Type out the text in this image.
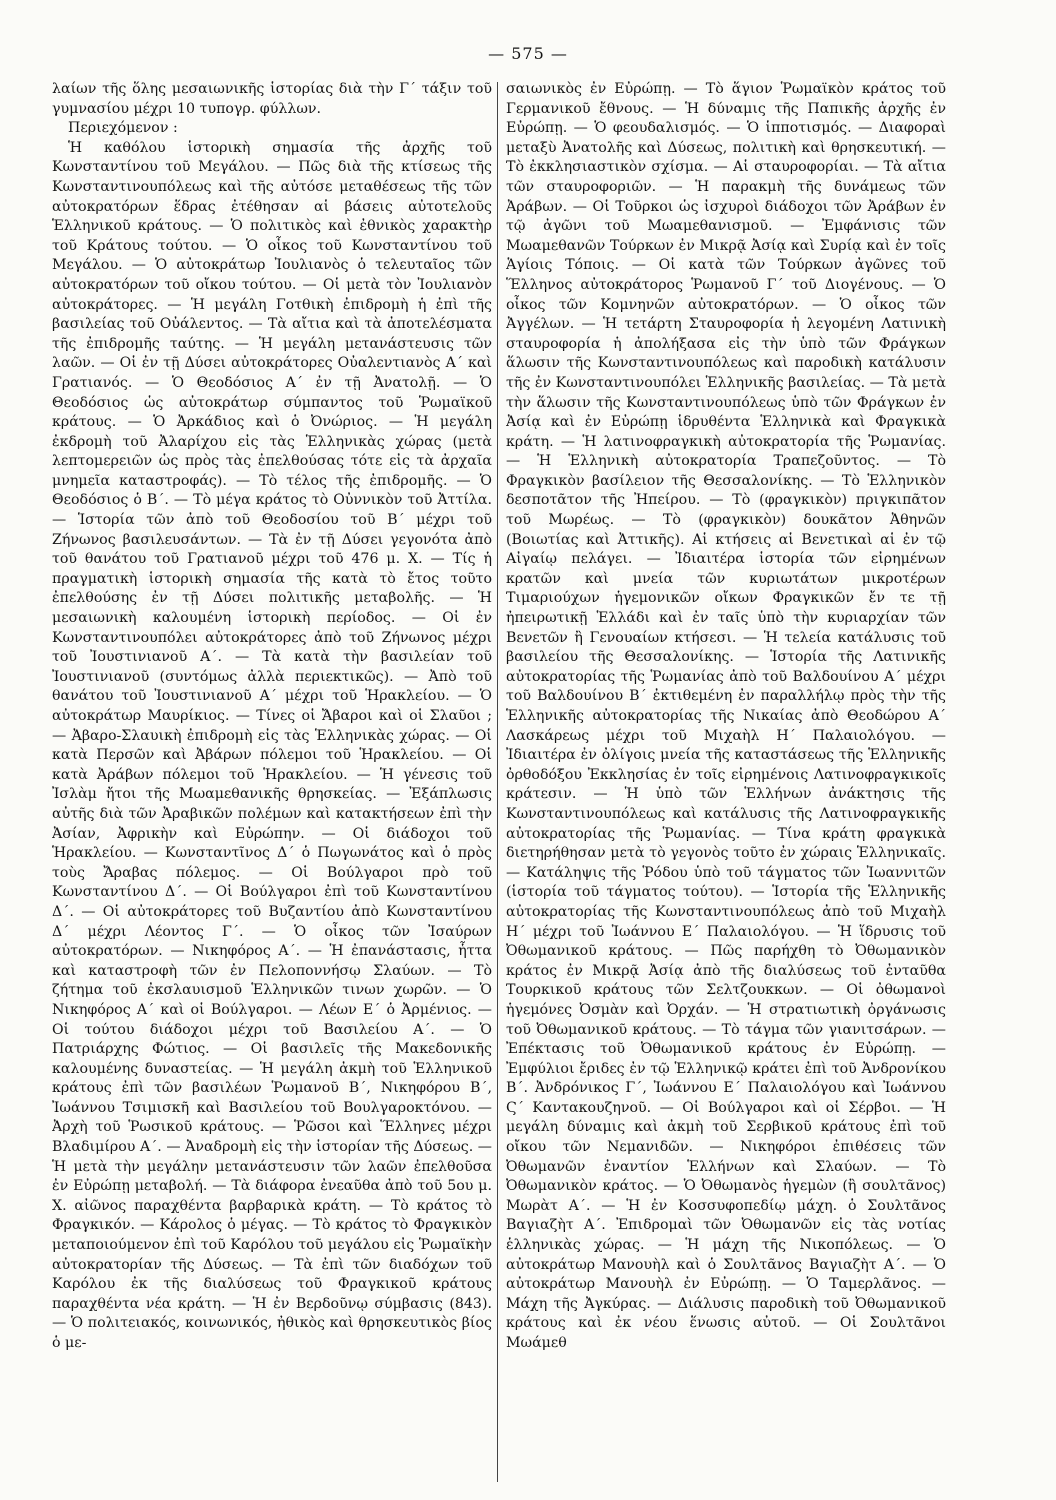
— 575 —

λαίων τῆς ὅλης μεσαιωνικῆς ἱστορίας διὰ τὴν Γ΄ τάξιν τοῦ γυμνασίου μέχρι 10 τυπογρ. φύλλων.

Περιεχόμενον :

Ἡ καθόλου ἱστορικὴ σημασία τῆς ἀρχῆς τοῦ Κωνσταντίνου τοῦ Μεγάλου. — Πῶς διὰ τῆς κτίσεως τῆς Κωνσταντινουπόλεως καὶ τῆς αὐτόσε μεταθέσεως τῆς τῶν αὐτοκρατόρων ἕδρας ἐτέθησαν αἱ βάσεις αὐτοτελοῦς Ἑλληνικοῦ κράτους. — Ὁ πολιτικὸς καὶ ἐθνικὸς χαρακτὴρ τοῦ Κράτους τούτου. — Ὁ οἶκος τοῦ Κωνσταντίνου τοῦ Μεγάλου. — Ὁ αὐτοκράτωρ Ἰουλιανὸς ὁ τελευταῖος τῶν αὐτοκρατόρων τοῦ οἴκου τούτου. — Οἱ μετὰ τὸν Ἰουλιανὸν αὐτοκράτορες. — Ἡ μεγάλη Γοτθικὴ ἐπιδρομὴ ἡ ἐπὶ τῆς βασιλείας τοῦ Οὐάλεντος. — Τὰ αἴτια καὶ τὰ ἀποτελέσματα τῆς ἐπιδρομῆς ταύτης. — Ἡ μεγάλη μετανάστευσις τῶν λαῶν. — Οἱ ἐν τῇ Δύσει αὐτοκράτορες Οὐαλεντιανὸς Α΄ καὶ Γρατιανός. — Ὁ Θεοδόσιος Α΄ ἐν τῇ Ἀνατολῇ. — Ὁ Θεοδόσιος ὡς αὐτοκράτωρ σύμπαντος τοῦ Ῥωμαϊκοῦ κράτους. — Ὁ Ἀρκάδιος καὶ ὁ Ὀνώριος. — Ἡ μεγάλη ἐκδρομὴ τοῦ Ἀλαρίχου εἰς τὰς Ἑλληνικὰς χώρας (μετὰ λεπτομερειῶν ὡς πρὸς τὰς ἐπελθούσας τότε εἰς τὰ ἀρχαῖα μνημεῖα καταστροφάς). — Τὸ τέλος τῆς ἐπιδρομῆς. — Ὁ Θεοδόσιος ὁ Β΄. — Τὸ μέγα κράτος τὸ Οὐννικὸν τοῦ Ἀττίλα. — Ἱστορία τῶν ἀπὸ τοῦ Θεοδοσίου τοῦ Β΄ μέχρι τοῦ Ζήνωνος βασιλευσάντων. — Τὰ ἐν τῇ Δύσει γεγονότα ἀπὸ τοῦ θανάτου τοῦ Γρατιανοῦ μέχρι τοῦ 476 μ. Χ. — Τίς ἡ πραγματικὴ ἱστορικὴ σημασία τῆς κατὰ τὸ ἔτος τοῦτο ἐπελθούσης ἐν τῇ Δύσει πολιτικῆς μεταβολῆς. — Ἡ μεσαιωνικὴ καλουμένη ἱστορικὴ περίοδος. — Οἱ ἐν Κωνσταντινουπόλει αὐτοκράτορες ἀπὸ τοῦ Ζήνωνος μέχρι τοῦ Ἰουστινιανοῦ Α΄. — Τὰ κατὰ τὴν βασιλείαν τοῦ Ἰουστινιανοῦ (συντόμως ἀλλὰ περιεκτικῶς). — Ἀπὸ τοῦ θανάτου τοῦ Ἰουστινιανοῦ Α΄ μέχρι τοῦ Ἡρακλείου. — Ὁ αὐτοκράτωρ Μαυρίκιος. — Τίνες οἱ Ἄβαροι καὶ οἱ Σλαῦοι ; — Ἀβαρο-Σλαυικὴ ἐπιδρομὴ εἰς τὰς Ἑλληνικὰς χώρας. — Οἱ κατὰ Περσῶν καὶ Ἀβάρων πόλεμοι τοῦ Ἡρακλείου. — Οἱ κατὰ Ἀράβων πόλεμοι τοῦ Ἡρακλείου. — Ἡ γένεσις τοῦ Ἰσλὰμ ἤτοι τῆς Μωαμεθανικῆς θρησκείας. — Ἐξάπλωσις αὐτῆς διὰ τῶν Ἀραβικῶν πολέμων καὶ κατακτήσεων ἐπὶ τὴν Ἀσίαν, Ἀφρικὴν καὶ Εὐρώπην. — Οἱ διάδοχοι τοῦ Ἡρακλείου. — Κωνσταντῖνος Δ΄ ὁ Πωγωνάτος καὶ ὁ πρὸς τοὺς Ἄραβας πόλεμος. — Οἱ Βούλγαροι πρὸ τοῦ Κωνσταντίνου Δ΄. — Οἱ Βούλγαροι ἐπὶ τοῦ Κωνσταντίνου Δ΄. — Οἱ αὐτοκράτορες τοῦ Βυζαντίου ἀπὸ Κωνσταντίνου Δ΄ μέχρι Λέοντος Γ΄. — Ὁ οἶκος τῶν Ἰσαύρων αὐτοκρατόρων. — Νικηφόρος Α΄. — Ἡ ἐπανάστασις, ἧττα καὶ καταστροφὴ τῶν ἐν Πελοποννήσῳ Σλαύων. — Τὸ ζήτημα τοῦ ἐκσλαυισμοῦ Ἑλληνικῶν τινων χωρῶν. — Ὁ Νικηφόρος Α΄ καὶ οἱ Βούλγαροι. — Λέων Ε΄ ὁ Ἀρμένιος. — Οἱ τούτου διάδοχοι μέχρι τοῦ Βασιλείου Α΄. — Ὁ Πατριάρχης Φώτιος. — Οἱ βασιλεῖς τῆς Μακεδονικῆς καλουμένης δυναστείας. — Ἡ μεγάλη ἀκμὴ τοῦ Ἑλληνικοῦ κράτους ἐπὶ τῶν βασιλέων Ῥωμανοῦ Β΄, Νικηφόρου Β΄, Ἰωάννου Τσιμισκῆ καὶ Βασιλείου τοῦ Βουλγαροκτόνου. — Ἀρχὴ τοῦ Ῥωσικοῦ κράτους. — Ῥῶσοι καὶ Ἕλληνες μέχρι Βλαδιμίρου Α΄. — Ἀναδρομὴ εἰς τὴν ἱστορίαν τῆς Δύσεως. — Ἡ μετὰ τὴν μεγάλην μετανάστευσιν τῶν λαῶν ἐπελθοῦσα ἐν Εὐρώπῃ μεταβολή. — Τὰ διάφορα ἐνεαῦθα ἀπὸ τοῦ 5ου μ. Χ. αἰῶνος παραχθέντα βαρβαρικὰ κράτη. — Τὸ κράτος τὸ Φραγκικόν. — Κάρολος ὁ μέγας. — Τὸ κράτος τὸ Φραγκικὸν μεταποιούμενον ἐπὶ τοῦ Καρόλου τοῦ μεγάλου εἰς Ῥωμαϊκὴν αὐτοκρατορίαν τῆς Δύσεως. — Τὰ ἐπὶ τῶν διαδόχων τοῦ Καρόλου ἐκ τῆς διαλύσεως τοῦ Φραγκικοῦ κράτους παραχθέντα νέα κράτη. — Ἡ ἐν Βερδοῦνῳ σύμβασις (843). — Ὁ πολιτειακός, κοινωνικός, ἠθικὸς καὶ θρησκευτικὸς βίος ὁ με-

σαιωνικὸς ἐν Εὐρώπῃ. — Τὸ ἅγιον Ῥωμαϊκὸν κράτος τοῦ Γερμανικοῦ ἔθνους. — Ἡ δύναμις τῆς Παπικῆς ἀρχῆς ἐν Εὐρώπῃ. — Ὁ φεουδαλισμός. — Ὁ ἱπποτισμός. — Διαφοραὶ μεταξὺ Ἀνατολῆς καὶ Δύσεως, πολιτικὴ καὶ θρησκευτική. — Τὸ ἐκκλησιαστικὸν σχίσμα. — Αἱ σταυροφορίαι. — Τὰ αἴτια τῶν σταυροφοριῶν. — Ἡ παρακμὴ τῆς δυνάμεως τῶν Ἀράβων. — Οἱ Τοῦρκοι ὡς ἰσχυροὶ διάδοχοι τῶν Ἀράβων ἐν τῷ ἀγῶνι τοῦ Μωαμεθανισμοῦ. — Ἐμφάνισις τῶν Μωαμεθανῶν Τούρκων ἐν Μικρᾷ Ἀσίᾳ καὶ Συρίᾳ καὶ ἐν τοῖς Ἁγίοις Τόποις. — Οἱ κατὰ τῶν Τούρκων ἀγῶνες τοῦ Ἕλληνος αὐτοκράτορος Ῥωμανοῦ Γ΄ τοῦ Διογένους. — Ὁ οἶκος τῶν Κομνηνῶν αὐτοκρατόρων. — Ὁ οἶκος τῶν Ἀγγέλων. — Ἡ τετάρτη Σταυροφορία ἡ λεγομένη Λατινικὴ σταυροφορία ἡ ἀπολήξασα εἰς τὴν ὑπὸ τῶν Φράγκων ἅλωσιν τῆς Κωνσταντινουπόλεως καὶ παροδικὴ κατάλυσιν τῆς ἐν Κωνσταντινουπόλει Ἑλληνικῆς βασιλείας. — Τὰ μετὰ τὴν ἅλωσιν τῆς Κωνσταντινουπόλεως ὑπὸ τῶν Φράγκων ἐν Ἀσίᾳ καὶ ἐν Εὐρώπῃ ἱδρυθέντα Ἑλληνικὰ καὶ Φραγκικὰ κράτη. — Ἡ λατινοφραγκικὴ αὐτοκρατορία τῆς Ῥωμανίας. — Ἡ Ἑλληνικὴ αὐτοκρατορία Τραπεζοῦντος. — Τὸ Φραγκικὸν βασίλειον τῆς Θεσσαλονίκης. — Τὸ Ἑλληνικὸν δεσποτᾶτον τῆς Ἠπείρου. — Τὸ (φραγκικὸν) πριγκιπᾶτον τοῦ Μωρέως. — Τὸ (φραγκικὸν) δουκᾶτον Ἀθηνῶν (Βοιωτίας καὶ Ἀττικῆς). Αἱ κτήσεις αἱ Βενετικαὶ αἱ ἐν τῷ Αἰγαίῳ πελάγει. — Ἰδιαιτέρα ἱστορία τῶν εἰρημένων κρατῶν καὶ μνεία τῶν κυριωτάτων μικροτέρων Τιμαριούχων ἡγεμονικῶν οἴκων Φραγκικῶν ἔν τε τῇ ἠπειρωτικῇ Ἑλλάδι καὶ ἐν ταῖς ὑπὸ τὴν κυριαρχίαν τῶν Βενετῶν ἢ Γενουαίων κτήσεσι. — Ἡ τελεία κατάλυσις τοῦ βασιλείου τῆς Θεσσαλονίκης. — Ἱστορία τῆς Λατινικῆς αὐτοκρατορίας τῆς Ῥωμανίας ἀπὸ τοῦ Βαλδουίνου Α΄ μέχρι τοῦ Βαλδουίνου Β΄ ἐκτιθεμένη ἐν παραλλήλῳ πρὸς τὴν τῆς Ἑλληνικῆς αὐτοκρατορίας τῆς Νικαίας ἀπὸ Θεοδώρου Α΄ Λασκάρεως μέχρι τοῦ Μιχαὴλ Η΄ Παλαιολόγου. — Ἰδιαιτέρα ἐν ὀλίγοις μνεία τῆς καταστάσεως τῆς Ἑλληνικῆς ὀρθοδόξου Ἐκκλησίας ἐν τοῖς εἰρημένοις Λατινοφραγκικοῖς κράτεσιν. — Ἡ ὑπὸ τῶν Ἑλλήνων ἀνάκτησις τῆς Κωνσταντινουπόλεως καὶ κατάλυσις τῆς Λατινοφραγκικῆς αὐτοκρατορίας τῆς Ῥωμανίας. — Τίνα κράτη φραγκικὰ διετηρήθησαν μετὰ τὸ γεγονὸς τοῦτο ἐν χώραις Ἑλληνικαῖς. — Κατάληψις τῆς Ῥόδου ὑπὸ τοῦ τάγματος τῶν Ἰωαννιτῶν (ἱστορία τοῦ τάγματος τούτου). — Ἱστορία τῆς Ἑλληνικῆς αὐτοκρατορίας τῆς Κωνσταντινουπόλεως ἀπὸ τοῦ Μιχαὴλ Η΄ μέχρι τοῦ Ἰωάννου Ε΄ Παλαιολόγου. — Ἡ ἵδρυσις τοῦ Ὀθωμανικοῦ κράτους. — Πῶς παρήχθη τὸ Ὀθωμανικὸν κράτος ἐν Μικρᾷ Ἀσίᾳ ἀπὸ τῆς διαλύσεως τοῦ ἐνταῦθα Τουρκικοῦ κράτους τῶν Σελτζουκκων. — Οἱ ὀθωμανοὶ ἡγεμόνες Ὀσμὰν καὶ Ὀρχάν. — Ἡ στρατιωτικὴ ὀργάνωσις τοῦ Ὀθωμανικοῦ κράτους. — Τὸ τάγμα τῶν γιανιτσάρων. — Ἐπέκτασις τοῦ Ὀθωμανικοῦ κράτους ἐν Εὐρώπῃ. — Ἐμφύλιοι ἔριδες ἐν τῷ Ἑλληνικῷ κράτει ἐπὶ τοῦ Ἀνδρονίκου Β΄. Ἀνδρόνικος Γ΄, Ἰωάννου Ε΄ Παλαιολόγου καὶ Ἰωάννου Ϛ΄ Καντακουζηνοῦ. — Οἱ Βούλγαροι καὶ οἱ Σέρβοι. — Ἡ μεγάλη δύναμις καὶ ἀκμὴ τοῦ Σερβικοῦ κράτους ἐπὶ τοῦ οἴκου τῶν Νεμανιδῶν. — Νικηφόροι ἐπιθέσεις τῶν Ὀθωμανῶν ἐναντίον Ἑλλήνων καὶ Σλαύων. — Τὸ Ὀθωμανικὸν κράτος. — Ὁ Ὀθωμανὸς ἡγεμὼν (ἢ σουλτᾶνος) Μωρὰτ Α΄. — Ἡ ἐν Κοσσυφοπεδίῳ μάχη. ὁ Σουλτᾶνος Βαγιαζὴτ Α΄. Ἐπιδρομαὶ τῶν Ὀθωμανῶν εἰς τὰς νοτίας ἑλληνικὰς χώρας. — Ἡ μάχη τῆς Νικοπόλεως. — Ὁ αὐτοκράτωρ Μανουὴλ καὶ ὁ Σουλτᾶνος Βαγιαζὴτ Α΄. — Ὁ αὐτοκράτωρ Μανουὴλ ἐν Εὐρώπῃ. — Ὁ Ταμερλᾶνος. — Μάχη τῆς Ἀγκύρας. — Διάλυσις παροδικὴ τοῦ Ὀθωμανικοῦ κράτους καὶ ἐκ νέου ἕνωσις αὐτοῦ. — Οἱ Σουλτᾶνοι Μωάμεθ
